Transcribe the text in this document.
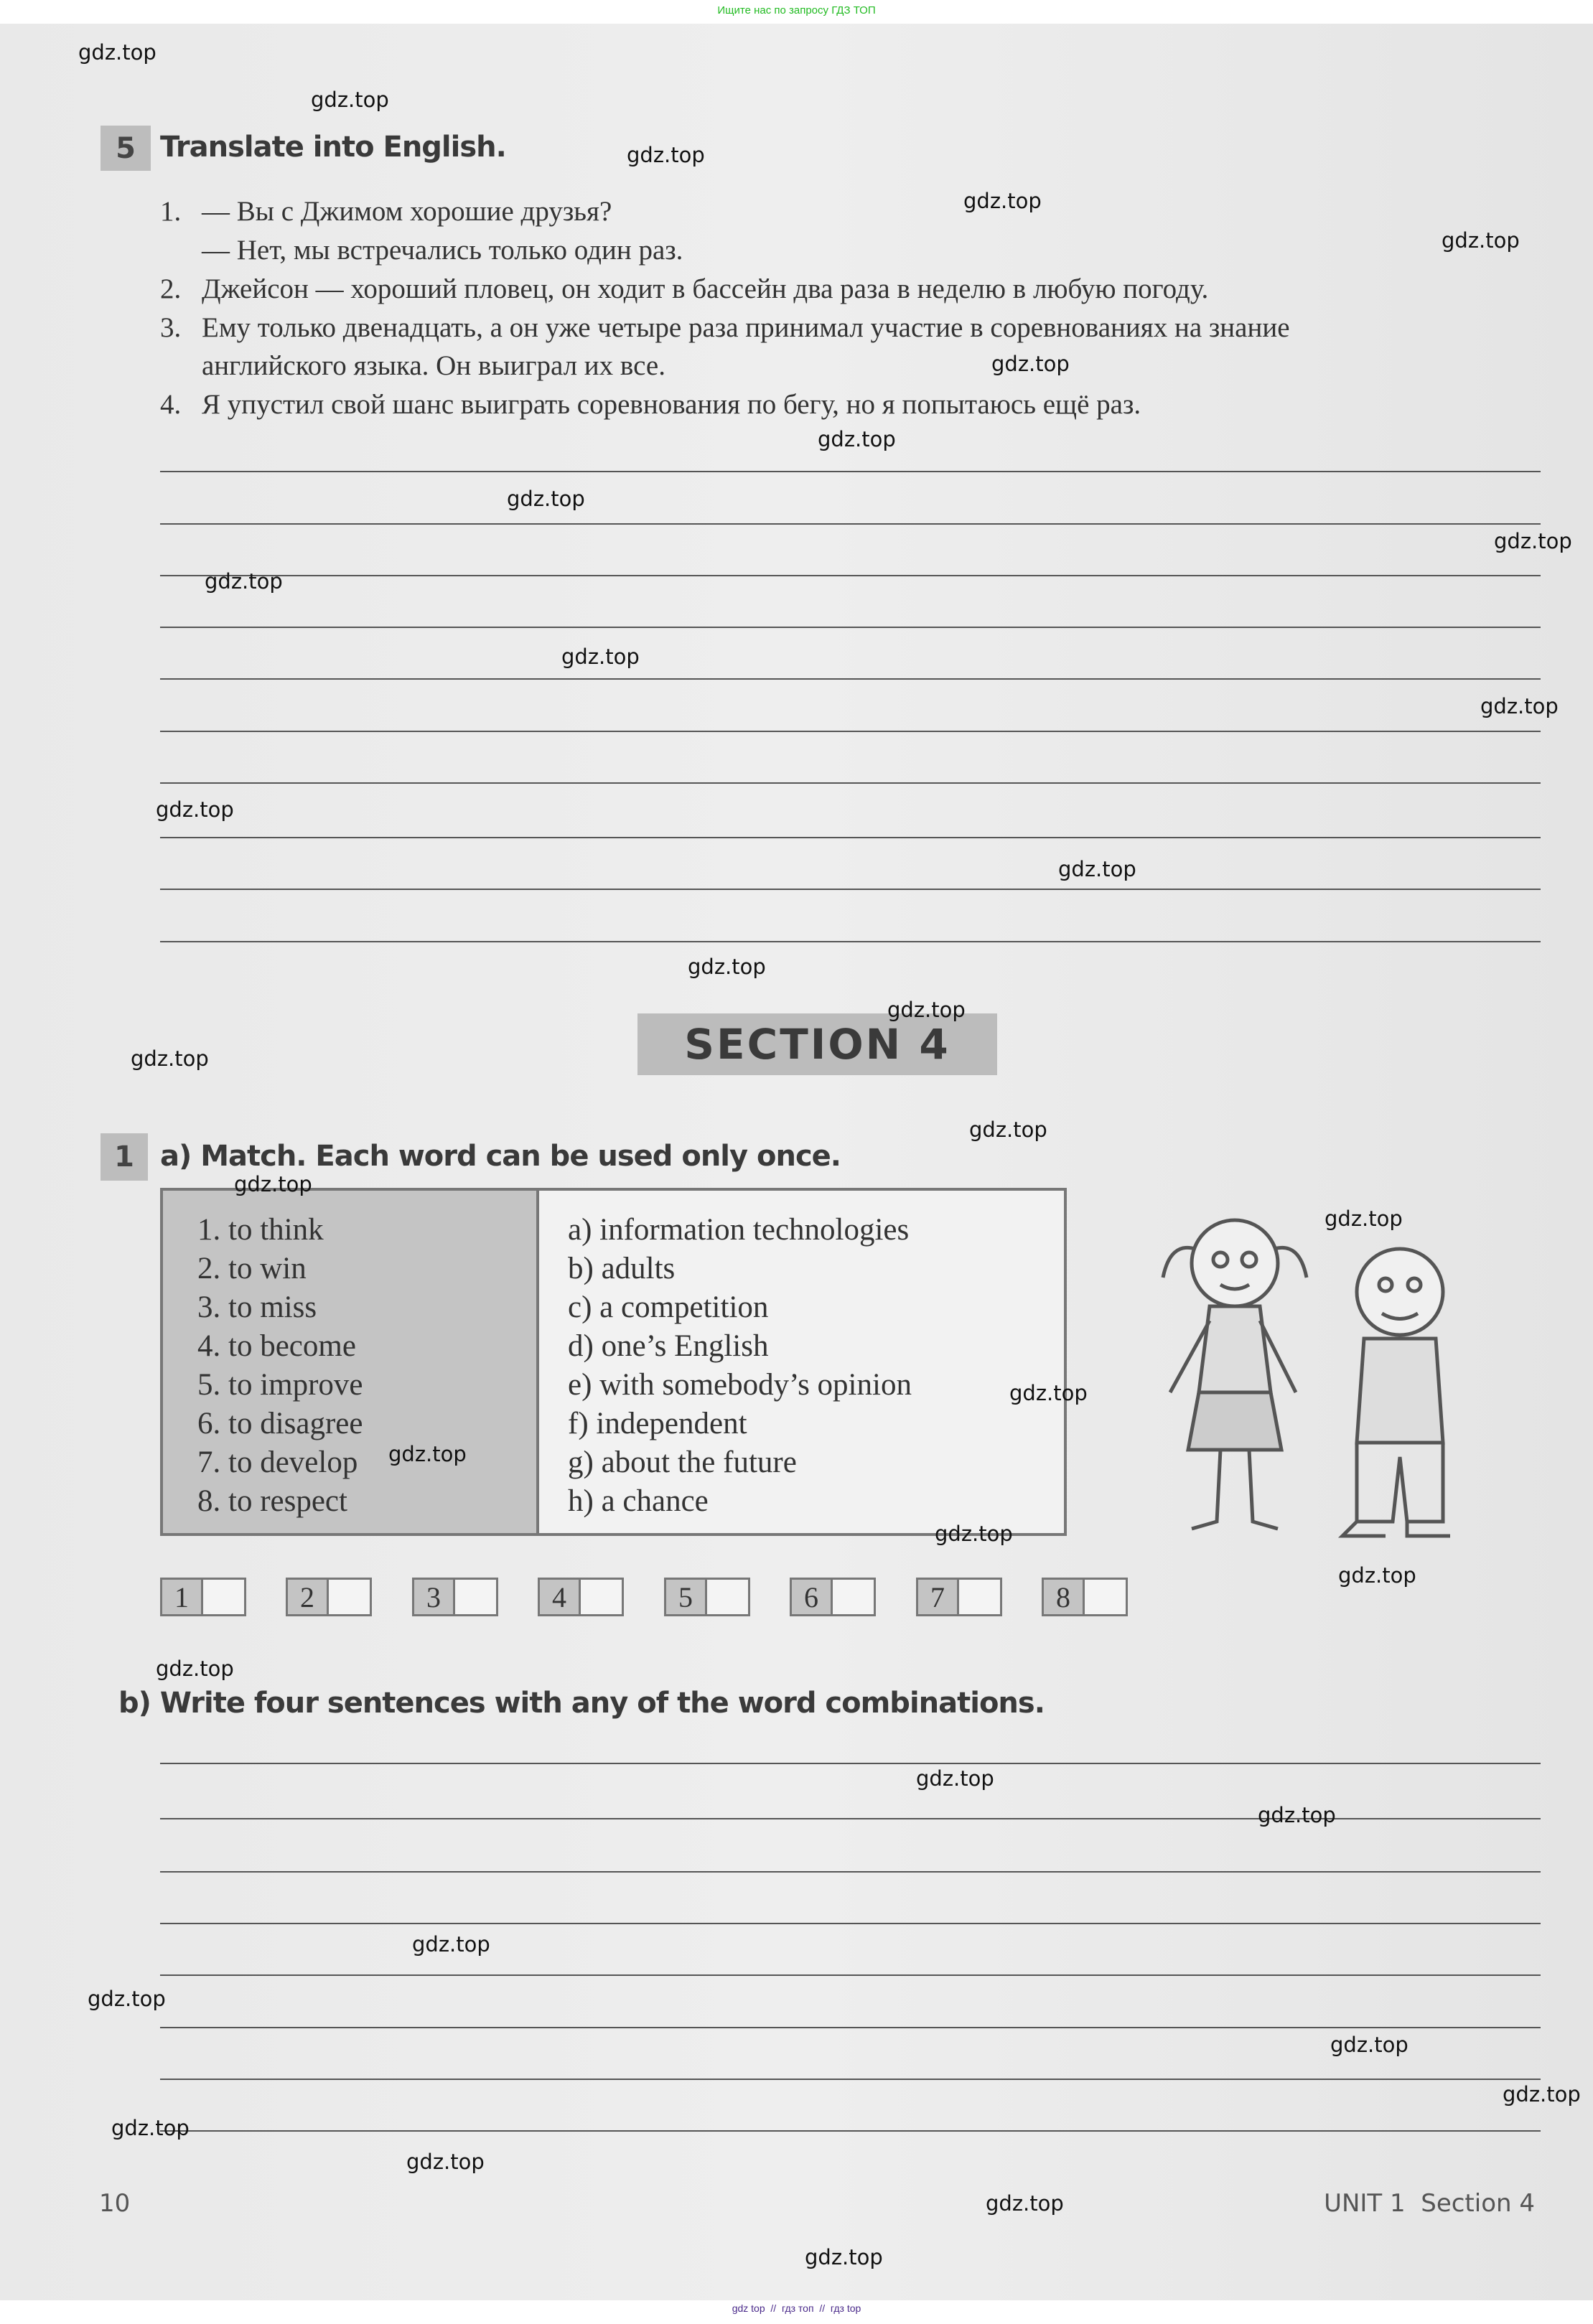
Ищите нас по запросу ГДЗ ТОП
5 Translate into English.
1. — Вы с Джимом хорошие друзья?
— Нет, мы встречались только один раз.
2. Джейсон — хороший пловец, он ходит в бассейн два раза в неделю в любую погоду.
3. Ему только двенадцать, а он уже четыре раза принимал участие в соревнованиях на знание
английского языка. Он выиграл их все.
4. Я упустил свой шанс выиграть соревнования по бегу, но я попытаюсь ещё раз.
SECTION 4
1 a) Match. Each word can be used only once.
1. to think
2. to win
3. to miss
4. to become
5. to improve
6. to disagree
7. to develop
8. to respect
a) information technologies
b) adults
c) a competition
d) one’s English
e) with somebody’s opinion
f) independent
g) about the future
h) a chance
1	2	3	4	5	6	7	8
b) Write four sentences with any of the word combinations.
10	UNIT 1  Section 4
gdz.top
gdz.top
gdz.top
gdz.top
gdz.top
gdz.top
gdz.top
gdz.top
gdz.top
gdz.top
gdz.top
gdz.top
gdz.top
gdz.top
gdz.top
gdz.top
gdz.top
gdz.top
gdz.top
gdz.top
gdz.top
gdz.top
gdz.top
gdz.top
gdz.top
gdz.top
gdz.top
gdz.top
gdz.top
gdz.top
gdz.top
gdz.top
gdz.top
gdz.top
gdz.top
gdz top  //  гдз топ  //  гдз top
